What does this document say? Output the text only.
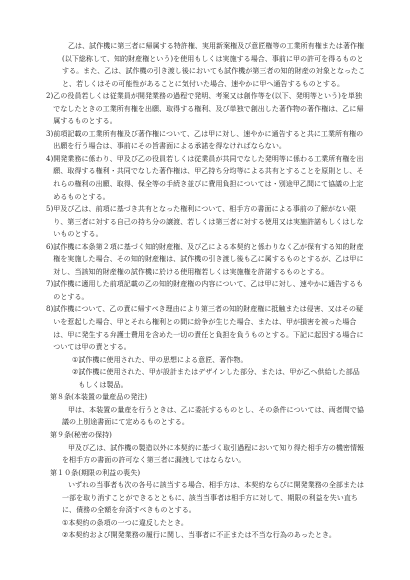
乙は、試作機に第三者に帰属する特許権、実用新案権及び意匠権等の工業所有権または著作権(以下総称して、知的財産権という)を使用もしくは実施する場合、事前に甲の許可を得るものとする。また、乙は、試作機の引き渡し後においても試作機が第三者の知的財産の対象となったこと、若しくはその可能性があることに気付いた場合、速やかに甲へ通告するものとする。

2) 乙の役員若しくは従業員が開発業務の過程で発明、考案又は創作等を(以下、発明等という)を単独でなしたときの工業所有権を出願、取得する権利、及び単独で創出した著作物の著作権は、乙に帰属するものとする。
3) 前項記載の工業所有権及び著作権について、乙は甲に対し、速やかに通告すると共に工業所有権の出願を行う場合は、事前にその旨書面による承諾を得なければならない。
4) 開発業務に係わり、甲及び乙の役員若しくは従業員が共同でなした発明等に係わる工業所有権を出願、取得する権利・共同でなした著作権は、甲乙持ち分均等による共有とすることを原則とし、それらの権利の出願、取得、保全等の手続き並びに費用負担については・別途甲乙間にて協議の上定めるものとする。
5) 甲及び乙は、前項に基づき共有となった権利について、相手方の書面による事前の了解がない限り、第三者に対する自己の持ち分の譲渡、若しくは第三者に対する使用又は実施許諾もしくはしないものとする。
6) 試作機に本条第２項に基づく知的財産権、及び乙による本契約と係わりなく乙が保有する知的財産権を実施した場合、その知的財産権は、試作機の引き渡し後も乙に属するものとするが、乙は甲に対し、当該知的財産権の試作機に於ける使用権若しくは実施権を許諾するものとする。
7) 試作機に適用した前項記載の乙の知的財産権の内容について、乙は甲に対し、速やかに通告するものとする。
8) 試作機について、乙の責に帰すべき理由により第三者の知的財産権に抵触または侵害、又はその疑いを惹起した場合、甲とそれら権利との間に紛争が生じた場合、または、甲が損害を被った場合は、甲に発生する弁護士費用を含めた一切の責任と負担を負うものとする。下記に起因する場合については甲の責とする。
① 試作機に使用された、甲の思想による意匠、著作物。
② 試作機に使用された、甲が設計またはデザインした部分、または、甲が乙へ供給した部品もしくは製品。

第８条(本装置の量産品の発注)

甲は、本装置の量産を行うときは、乙に委託するものとし、その条件については、両者間で協議の上別途書面にて定めるものとする。

第９条(秘密の保持)

甲及び乙は、試作機の製造以外に本契約に基づく取引過程において知り得た相手方の機密情報を相手方の書面の許可なく第三者に漏洩してはならない。

第１０条(期限の利益の喪失)

いずれの当事者も次の各号に該当する場合、相手方は、本契約ならびに開発業務の全部または一部を取り消すことができるとともに、該当当事者は相手方に対して、期限の利益を失い直ちに、債務の全額を弁済すべきものとする。

① 本契約の条項の一つに違反したとき。
② 本契約および開発業務の履行に関し、当事者に不正または不当な行為のあったとき。
